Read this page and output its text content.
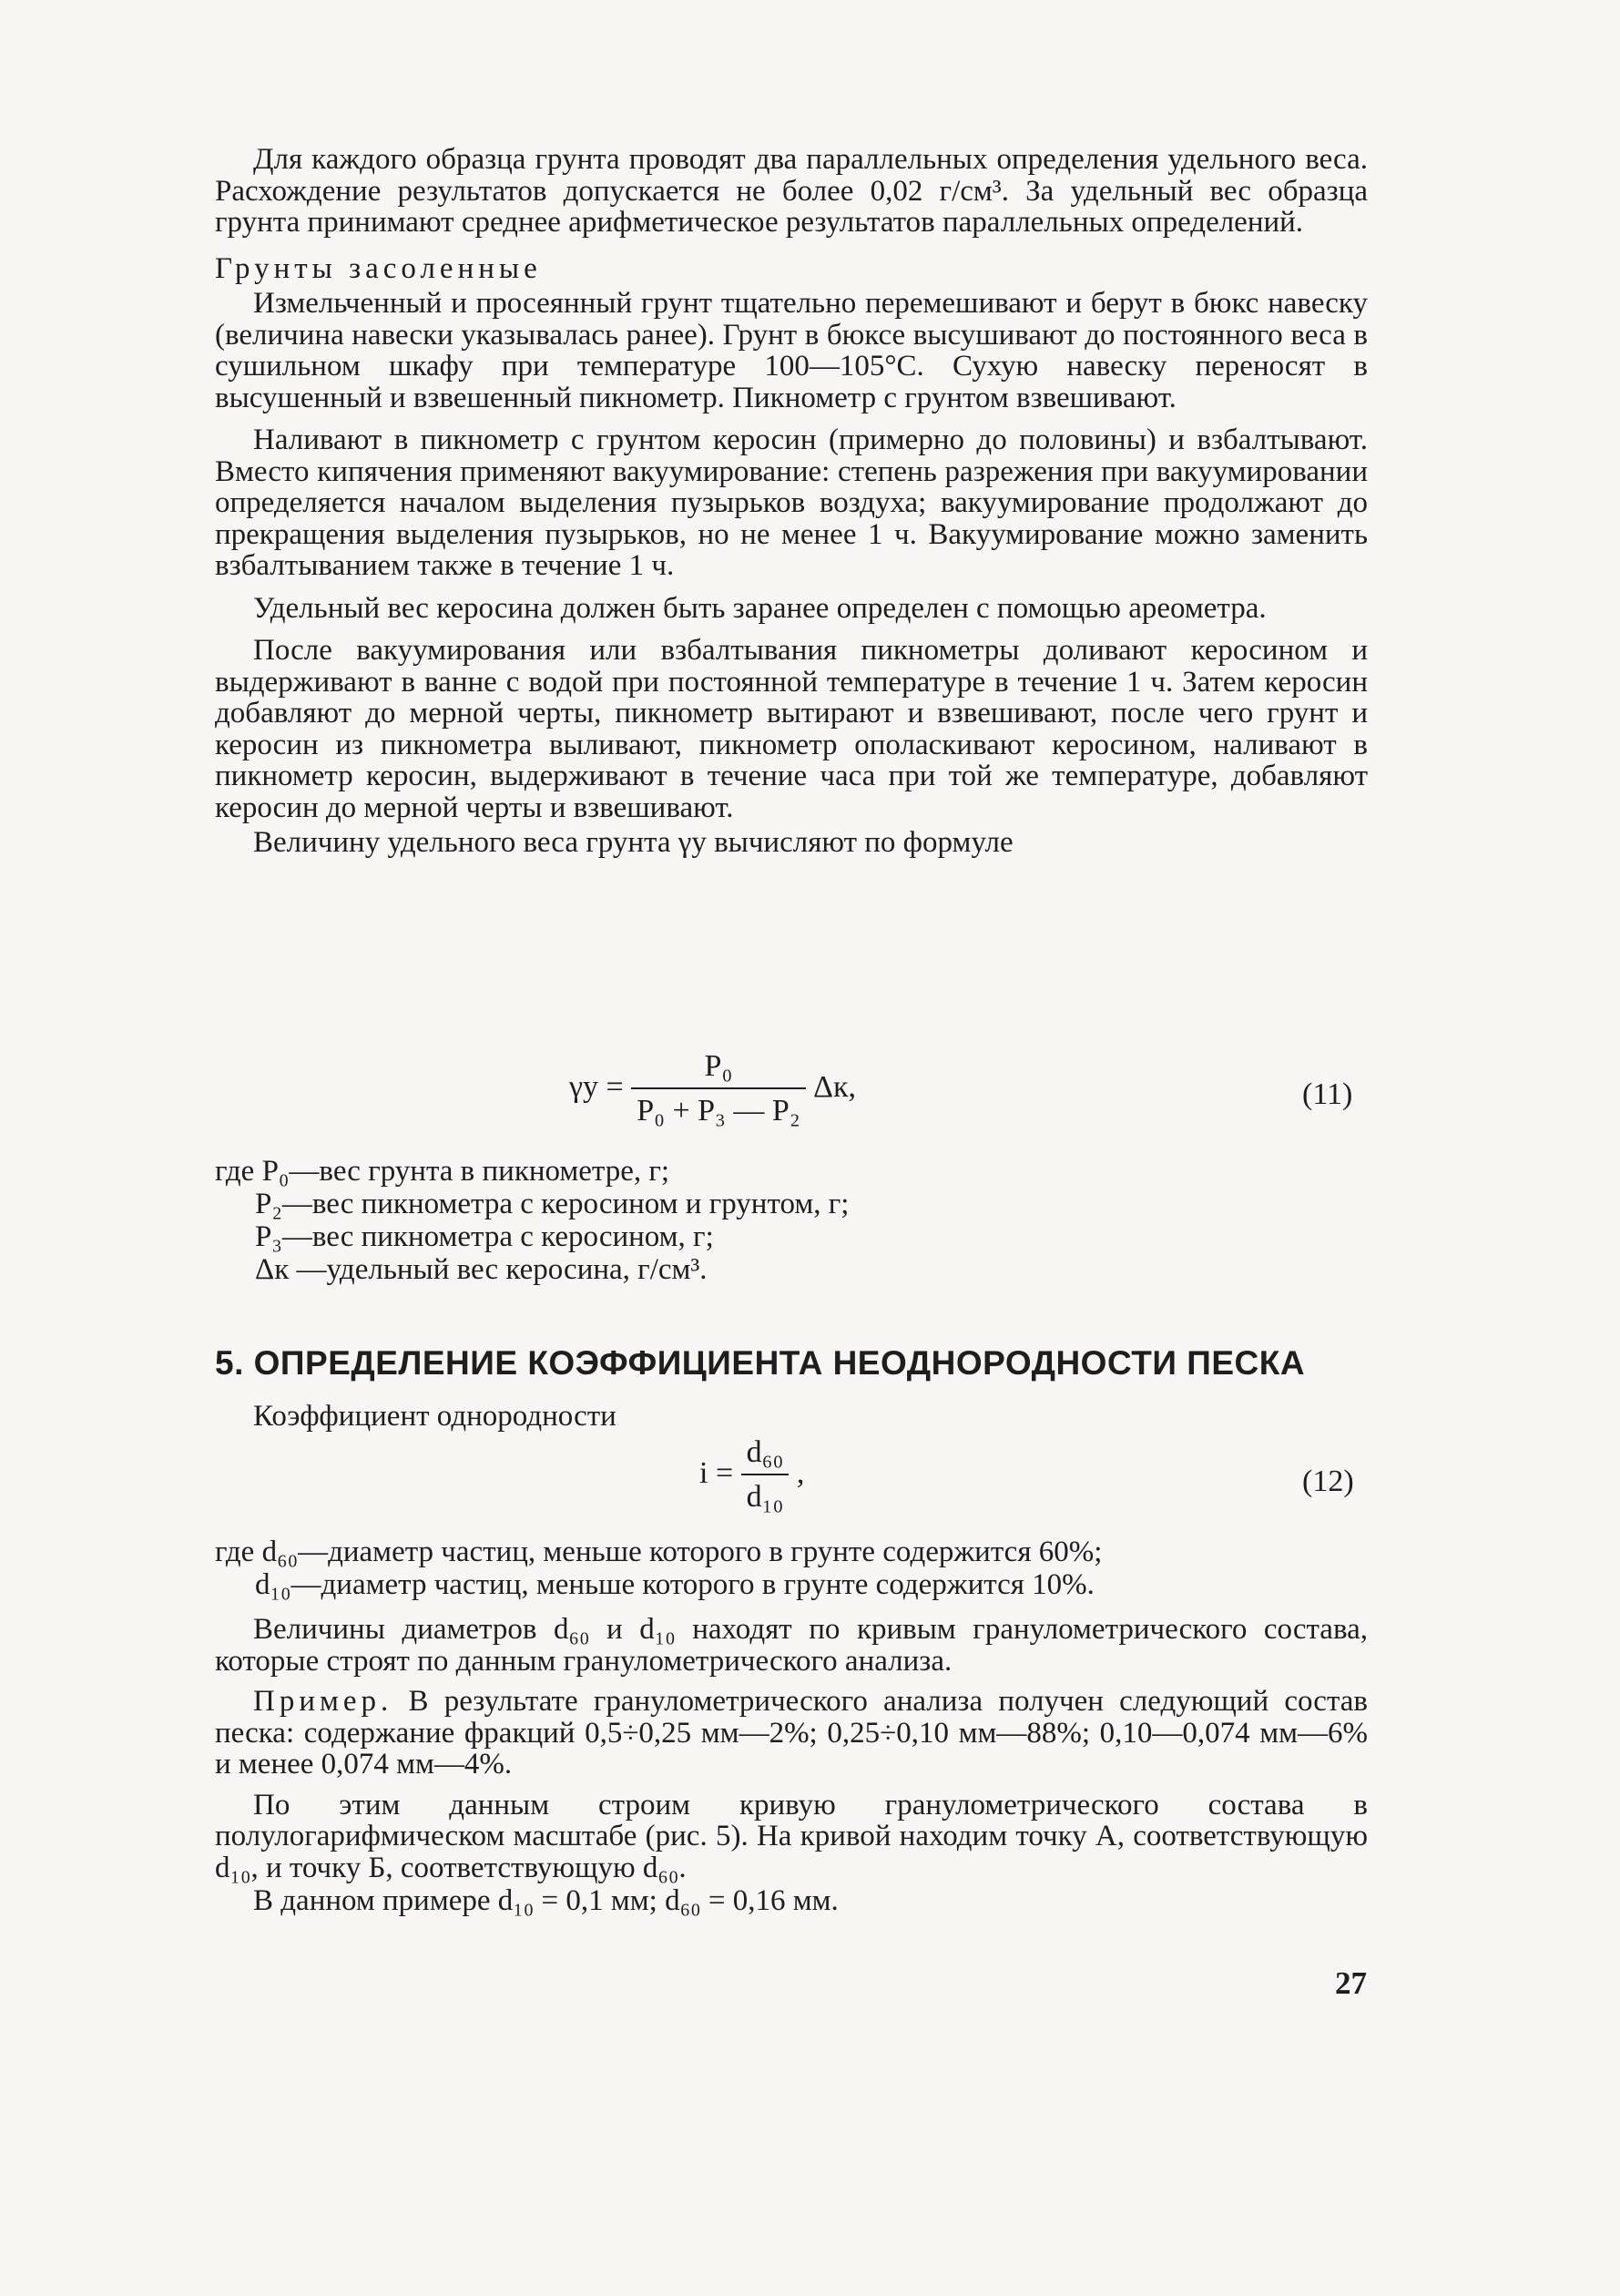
Для каждого образца грунта проводят два параллельных определения удельного веса. Расхождение результатов допускается не более 0,02 г/см³. За удельный вес образца грунта принимают среднее арифметическое результатов параллельных определений.

Грунты засоленные

Измельченный и просеянный грунт тщательно перемешивают и берут в бюкс навеску (величина навески указывалась ранее). Грунт в бюксе высушивают до постоянного веса в сушильном шкафу при температуре 100—105°С. Сухую навеску переносят в высушенный и взвешенный пикнометр. Пикнометр с грунтом взвешивают.

Наливают в пикнометр с грунтом керосин (примерно до половины) и взбалтывают. Вместо кипячения применяют вакуумирование: степень разрежения при вакуумировании определяется началом выделения пузырьков воздуха; вакуумирование продолжают до прекращения выделения пузырьков, но не менее 1 ч. Вакуумирование можно заменить взбалтыванием также в течение 1 ч.

Удельный вес керосина должен быть заранее определен с помощью ареометра.

После вакуумирования или взбалтывания пикнометры доливают керосином и выдерживают в ванне с водой при постоянной температуре в течение 1 ч. Затем керосин добавляют до мерной черты, пикнометр вытирают и взвешивают, после чего грунт и керосин из пикнометра выливают, пикнометр ополаскивают керосином, наливают в пикнометр керосин, выдерживают в течение часа при той же температуре, добавляют керосин до мерной черты и взвешивают.

Величину удельного веса грунта γу вычисляют по формуле

$\gamma у = \frac{\text{P₀}}{\text{P₀ + P₃ — P₂}} \Delta к$,	(11)
где P₀—вес грунта в пикнометре, г;
P₂—вес пикнометра с керосином и грунтом, г;
P₃—вес пикнометра с керосином, г;
Δк —удельный вес керосина, г/см³.
5. ОПРЕДЕЛЕНИЕ КОЭФФИЦИЕНТА НЕОДНОРОДНОСТИ ПЕСКА

Коэффициент однородности

$i = \frac{\text{d₆₀}}{\text{d₁₀}}$ ,	(12)
где d₆₀—диаметр частиц, меньше которого в грунте содержится 60%;
d₁₀—диаметр частиц, меньше которого в грунте содержится 10%.

Величины диаметров d₆₀ и d₁₀ находят по кривым гранулометрического состава, которые строят по данным гранулометрического анализа.

Пример. В результате гранулометрического анализа получен следующий состав песка: содержание фракций 0,5÷0,25 мм—2%; 0,25÷0,10 мм—88%; 0,10—0,074 мм—6% и менее 0,074 мм—4%.

По этим данным строим кривую гранулометрического состава в полулогарифмическом масштабе (рис. 5). На кривой находим точку А, соответствующую d₁₀, и точку Б, соответствующую d₆₀.

В данном примере d₁₀ = 0,1 мм; d₆₀ = 0,16 мм.

27
